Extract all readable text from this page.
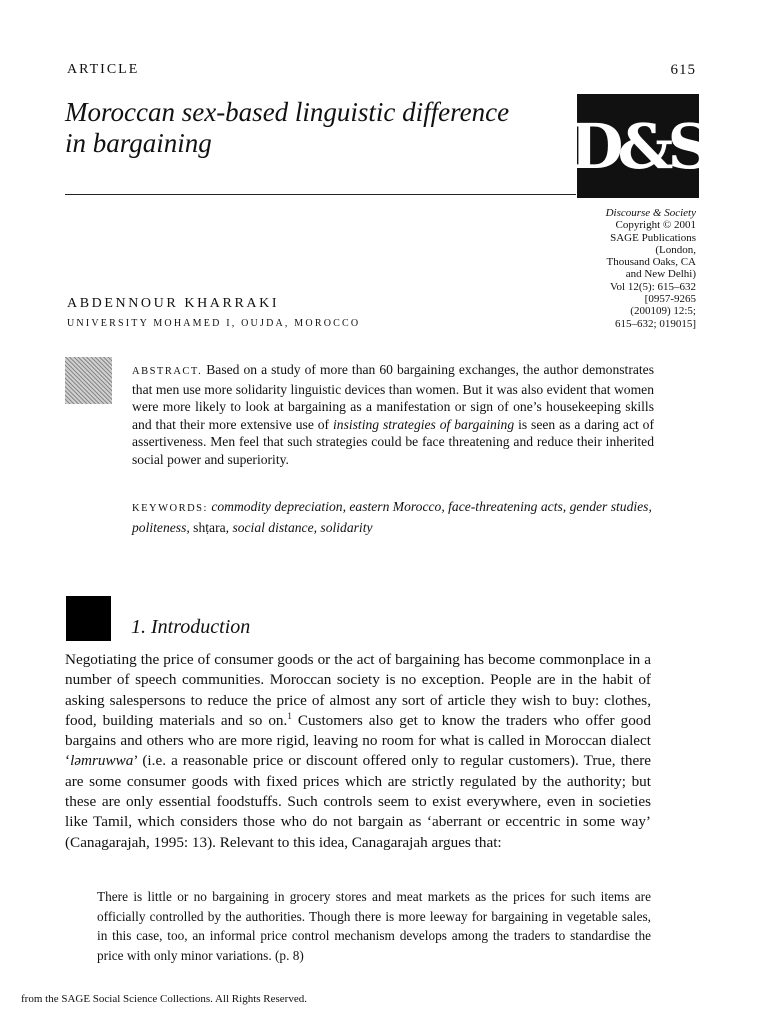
ARTICLE	615
Moroccan sex-based linguistic difference
in bargaining	D&S
Discourse & Society
Copyright © 2001
SAGE Publications
(London,
Thousand Oaks, CA
and New Delhi)
Vol 12(5): 615–632
[0957-9265
(200109) 12:5;
615–632; 019015]
ABDENNOUR KHARRAKI
UNIVERSITY MOHAMED I, OUJDA, MOROCCO
ABSTRACT. Based on a study of more than 60 bargaining exchanges, the author demonstrates that men use more solidarity linguistic devices than women. But it was also evident that women were more likely to look at bargaining as a manifestation or sign of one’s housekeeping skills and that their more extensive use of insisting strategies of bargaining is seen as a daring act of assertiveness. Men feel that such strategies could be face threatening and reduce their inherited social power and superiority.
KEYWORDS: commodity depreciation, eastern Morocco, face-threatening acts, gender studies, politeness, shṭara, social distance, solidarity
1. Introduction

Negotiating the price of consumer goods or the act of bargaining has become commonplace in a number of speech communities. Moroccan society is no exception. People are in the habit of asking salespersons to reduce the price of almost any sort of article they wish to buy: clothes, food, building materials and so on.$^1$ Customers also get to know the traders who offer good bargains and others who are more rigid, leaving no room for what is called in Moroccan dialect ‘ləmruwwa’ (i.e. a reasonable price or discount offered only to regular customers). True, there are some consumer goods with fixed prices which are strictly regulated by the authority; but these are only essential foodstuffs. Such controls seem to exist everywhere, even in societies like Tamil, which considers those who do not bargain as ‘aberrant or eccentric in some way’ (Canagarajah, 1995: 13). Relevant to this idea, Canagarajah argues that:

There is little or no bargaining in grocery stores and meat markets as the prices for such items are officially controlled by the authorities. Though there is more leeway for bargaining in vegetable sales, in this case, too, an informal price control mechanism develops among the traders to standardise the price with only minor variations. (p. 8)
from the SAGE Social Science Collections. All Rights Reserved.
